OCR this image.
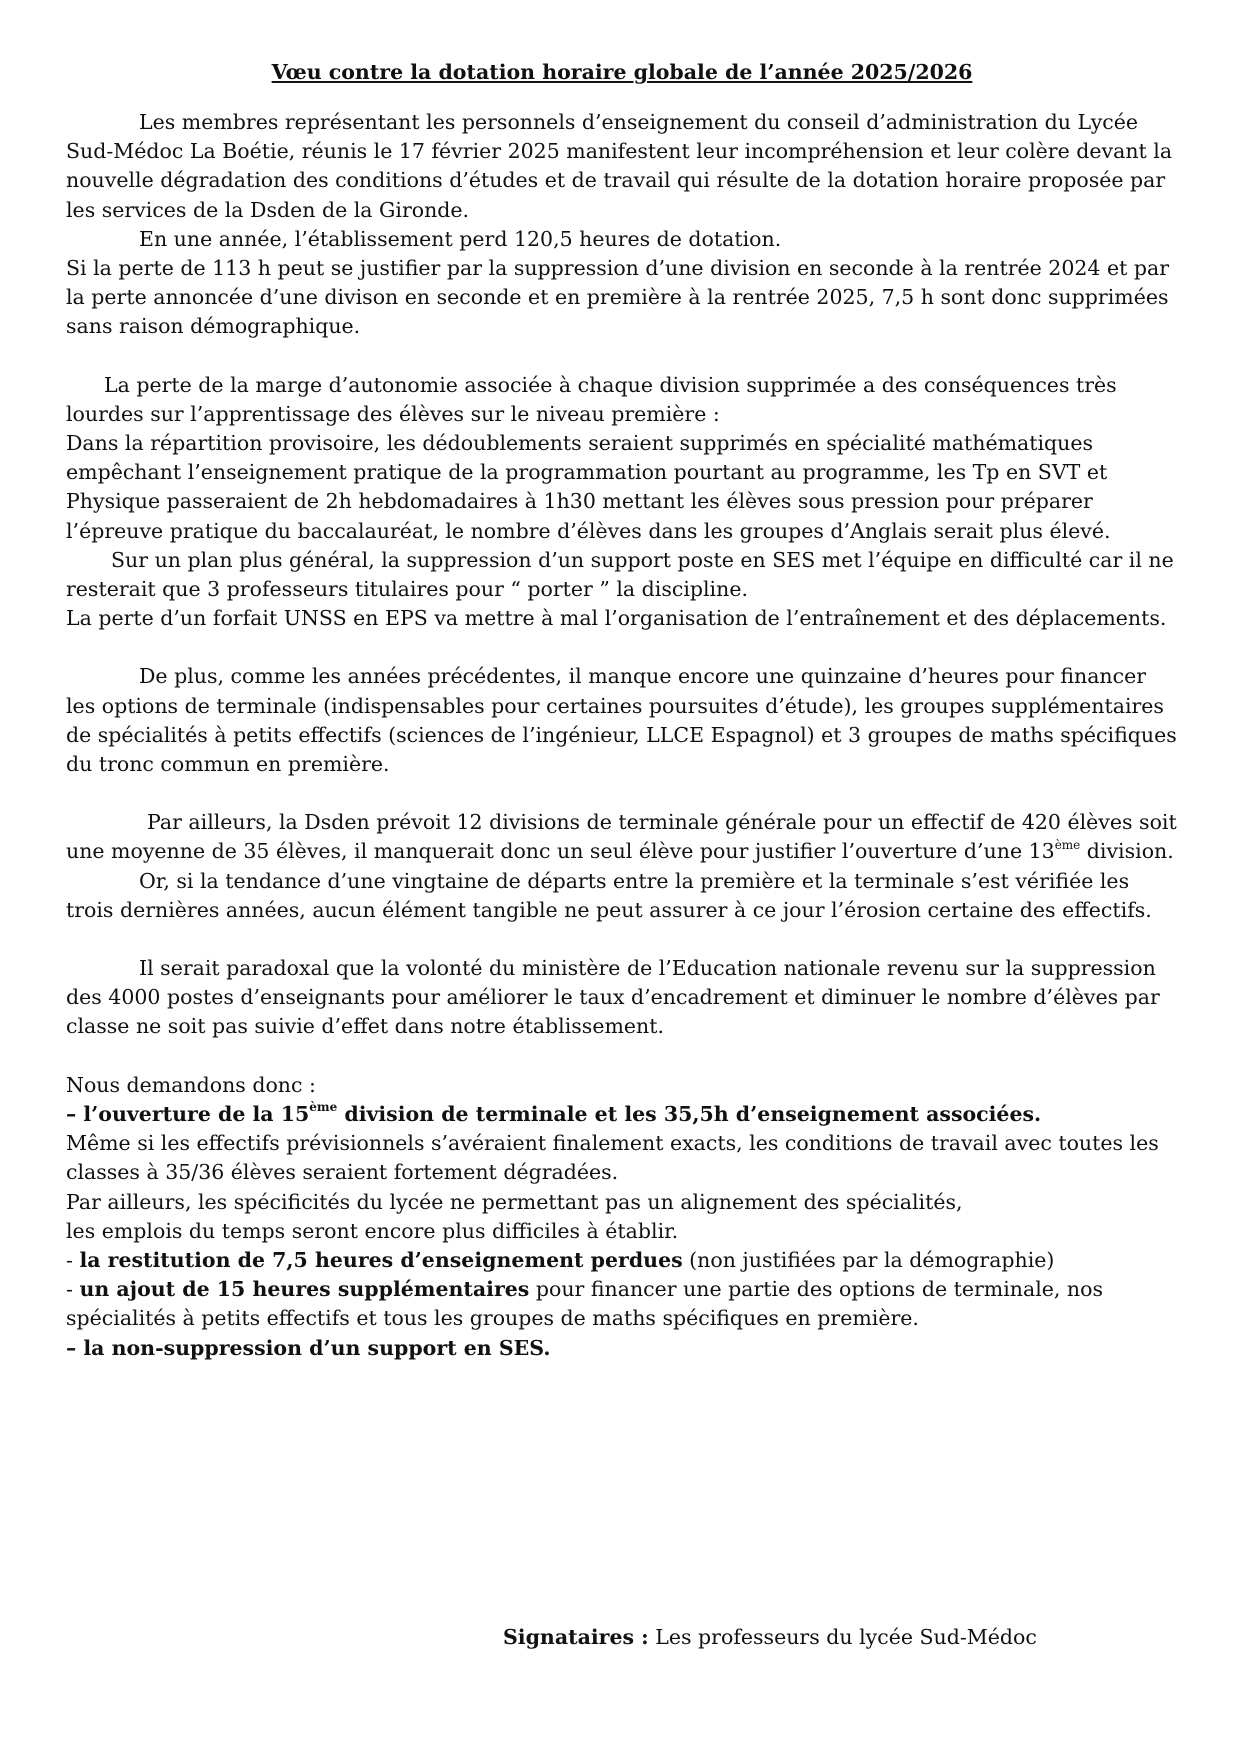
Vœu contre la dotation horaire globale de l’année 2025/2026

Les membres représentant les personnels d’enseignement du conseil d’administration du Lycée Sud-Médoc La Boétie, réunis le 17 février 2025 manifestent leur incompréhension et leur colère devant la nouvelle dégradation des conditions d’études et de travail qui résulte de la dotation horaire proposée par les services de la Dsden de la Gironde.

En une année, l’établissement perd 120,5 heures de dotation.

Si la perte de 113 h peut se justifier par la suppression d’une division en seconde à la rentrée 2024 et par la perte annoncée d’une divison en seconde et en première à la rentrée 2025, 7,5 h sont donc supprimées sans raison démographique.

La perte de la marge d’autonomie associée à chaque division supprimée a des conséquences très lourdes sur l’apprentissage des élèves sur le niveau première :

Dans la répartition provisoire, les dédoublements seraient supprimés en spécialité mathématiques empêchant l’enseignement pratique de la programmation pourtant au programme, les Tp en SVT et Physique passeraient de 2h hebdomadaires à 1h30 mettant les élèves sous pression pour préparer l’épreuve pratique du baccalauréat, le nombre d’élèves dans les groupes d’Anglais serait plus élevé.

Sur un plan plus général, la suppression d’un support poste en SES met l’équipe en difficulté car il ne resterait que 3 professeurs titulaires pour “ porter ” la discipline.

La perte d’un forfait UNSS en EPS va mettre à mal l’organisation de l’entraînement et des déplacements.

De plus, comme les années précédentes, il manque encore une quinzaine d’heures pour financer les options de terminale (indispensables pour certaines poursuites d’étude), les groupes supplémentaires de spécialités à petits effectifs (sciences de l’ingénieur, LLCE Espagnol) et 3 groupes de maths spécifiques du tronc commun en première.

Par ailleurs, la Dsden prévoit 12 divisions de terminale générale pour un effectif de 420 élèves soit une moyenne de 35 élèves, il manquerait donc un seul élève pour justifier l’ouverture d’une 13ème division.

Or, si la tendance d’une vingtaine de départs entre la première et la terminale s’est vérifiée les trois dernières années, aucun élément tangible ne peut assurer à ce jour l’érosion certaine des effectifs.

Il serait paradoxal que la volonté du ministère de l’Education nationale revenu sur la suppression des 4000 postes d’enseignants pour améliorer le taux d’encadrement et diminuer le nombre d’élèves par classe ne soit pas suivie d’effet dans notre établissement.

Nous demandons donc :

– l’ouverture de la 15ème division de terminale et les 35,5h d’enseignement associées.

Même si les effectifs prévisionnels s’avéraient finalement exacts, les conditions de travail avec toutes les classes à 35/36 élèves seraient fortement dégradées.

Par ailleurs, les spécificités du lycée ne permettant pas un alignement des spécialités,

les emplois du temps seront encore plus difficiles à établir.

- la restitution de 7,5 heures d’enseignement perdues (non justifiées par la démographie)

- un ajout de 15 heures supplémentaires pour financer une partie des options de terminale, nos spécialités à petits effectifs et tous les groupes de maths spécifiques en première.

– la non-suppression d’un support en SES.

Signataires : Les professeurs du lycée Sud-Médoc
